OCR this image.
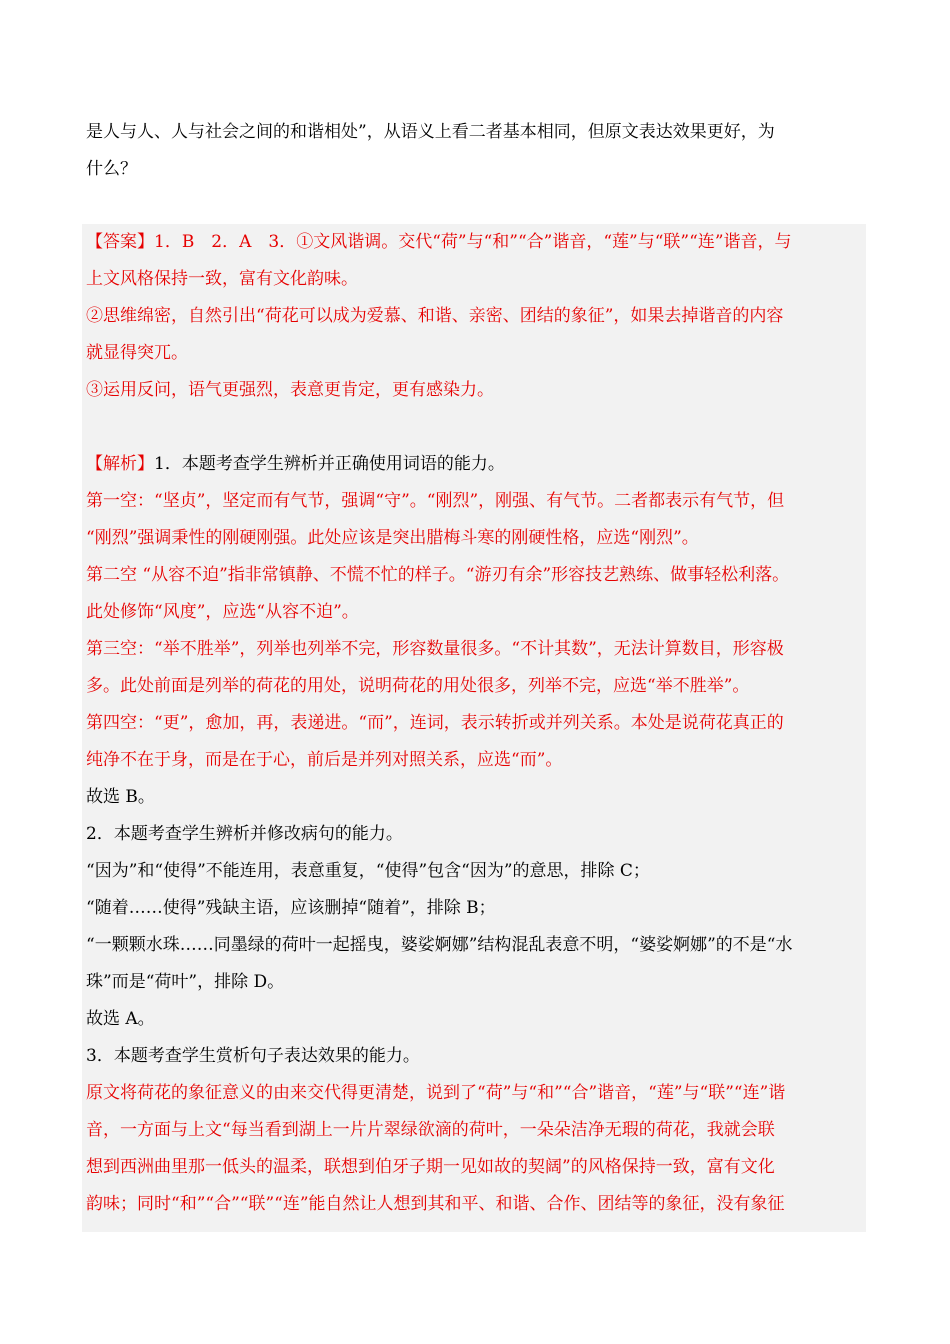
是人与人、人与社会之间的和谐相处”，从语义上看二者基本相同，但原文表达效果更好，为

什么？

【答案】1．B　2．A　3．①文风谐调。交代“荷”与“和”“合”谐音，“莲”与“联”“连”谐音，与

上文风格保持一致，富有文化韵味。

②思维绵密，自然引出“荷花可以成为爱慕、和谐、亲密、团结的象征”，如果去掉谐音的内容

就显得突兀。

③运用反问，语气更强烈，表意更肯定，更有感染力。

【解析】1．本题考查学生辨析并正确使用词语的能力。

第一空：“坚贞”，坚定而有气节，强调“守”。“刚烈”，刚强、有气节。二者都表示有气节，但

“刚烈”强调秉性的刚硬刚强。此处应该是突出腊梅斗寒的刚硬性格，应选“刚烈”。

第二空 “从容不迫”指非常镇静、不慌不忙的样子。“游刃有余”形容技艺熟练、做事轻松利落。

此处修饰“风度”，应选“从容不迫”。

第三空：“举不胜举”，列举也列举不完，形容数量很多。“不计其数”，无法计算数目，形容极

多。此处前面是列举的荷花的用处，说明荷花的用处很多，列举不完，应选“举不胜举”。

第四空：“更”，愈加，再，表递进。“而”，连词，表示转折或并列关系。本处是说荷花真正的

纯净不在于身，而是在于心，前后是并列对照关系，应选“而”。

故选 B。

2．本题考查学生辨析并修改病句的能力。

“因为”和“使得”不能连用，表意重复，“使得”包含“因为”的意思，排除 C；

“随着……使得”残缺主语，应该删掉“随着”，排除 B；

“一颗颗水珠……同墨绿的荷叶一起摇曳，婆娑婀娜”结构混乱表意不明，“婆娑婀娜”的不是“水

珠”而是“荷叶”，排除 D。

故选 A。

3．本题考查学生赏析句子表达效果的能力。

原文将荷花的象征意义的由来交代得更清楚，说到了“荷”与“和”“合”谐音，“莲”与“联”“连”谐

音，一方面与上文“每当看到湖上一片片翠绿欲滴的荷叶，一朵朵洁净无瑕的荷花，我就会联

想到西洲曲里那一低头的温柔，联想到伯牙子期一见如故的契阔”的风格保持一致，富有文化

韵味；同时“和”“合”“联”“连”能自然让人想到其和平、和谐、合作、团结等的象征，没有象征
